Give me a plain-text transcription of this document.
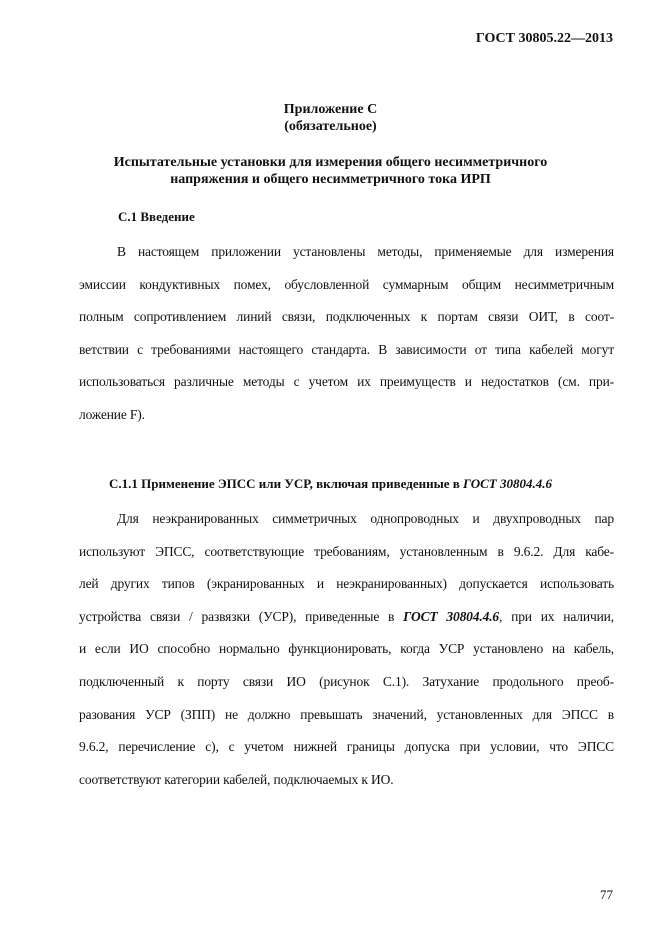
ГОСТ 30805.22—2013
Приложение С
(обязательное)
Испытательные установки для измерения общего несимметричного
напряжения и общего несимметричного тока ИРП
С.1 Введение
В настоящем приложении установлены методы, применяемые для измерения
эмиссии кондуктивных помех, обусловленной суммарным общим несимметричным
полным сопротивлением линий связи, подключенных к портам связи ОИТ, в соот-
ветствии с требованиями настоящего стандарта. В зависимости от типа кабелей могут
использоваться различные методы с учетом их преимуществ и недостатков (см. при-
ложение F).
С.1.1 Применение ЭПСС или УСР, включая приведенные в ГОСТ 30804.4.6
Для неэкранированных симметричных однопроводных и двухпроводных пар
используют ЭПСС, соответствующие требованиям, установленным в 9.6.2. Для кабе-
лей других типов (экранированных и неэкранированных) допускается использовать
устройства связи / развязки (УСР), приведенные в ГОСТ 30804.4.6, при их наличии,
и если ИО способно нормально функционировать, когда УСР установлено на кабель,
подключенный к порту связи ИО (рисунок С.1). Затухание продольного преоб-
разования УСР (ЗПП) не должно превышать значений, установленных для ЭПСС в
9.6.2, перечисление с), с учетом нижней границы допуска при условии, что ЭПСС
соответствуют категории кабелей, подключаемых к ИО.
77
